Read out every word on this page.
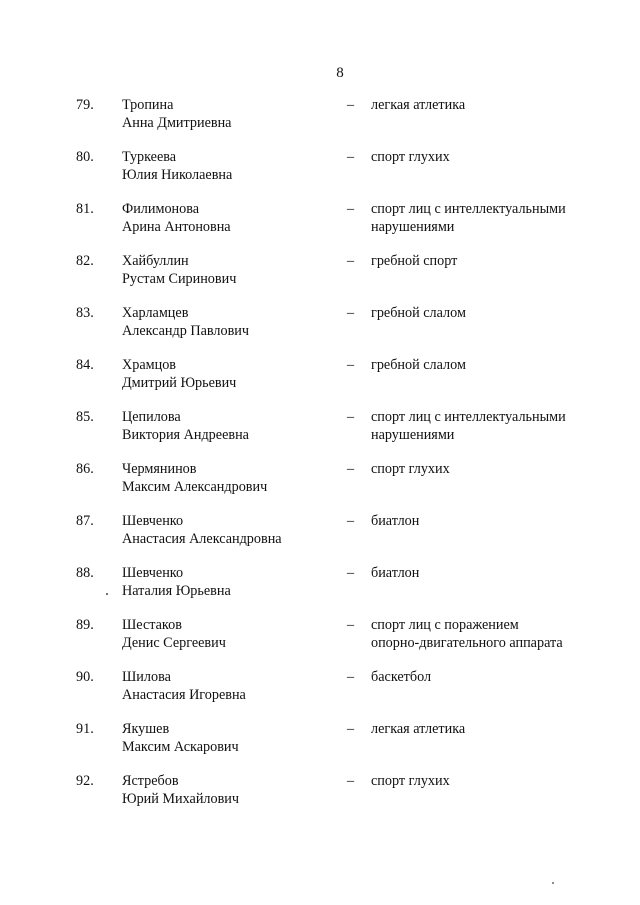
8
79. Тропина
Анна Дмитриевна
– легкая атлетика
80. Туркеева
Юлия Николаевна
– спорт глухих
81. Филимонова
Арина Антоновна
– спорт лиц с интеллектуальными
нарушениями
82. Хайбуллин
Рустам Сиринович
– гребной спорт
83. Харламцев
Александр Павлович
– гребной слалом
84. Храмцов
Дмитрий Юрьевич
– гребной слалом
85. Цепилова
Виктория Андреевна
– спорт лиц с интеллектуальными
нарушениями
86. Чермянинов
Максим Александрович
– спорт глухих
87. Шевченко
Анастасия Александровна
– биатлон
88. Шевченко
Наталия Юрьевна
– биатлон
89. Шестаков
Денис Сергеевич
– спорт лиц с поражением
опорно-двигательного аппарата
90. Шилова
Анастасия Игоревна
– баскетбол
91. Якушев
Максим Аскарович
– легкая атлетика
92. Ястребов
Юрий Михайлович
– спорт глухих
